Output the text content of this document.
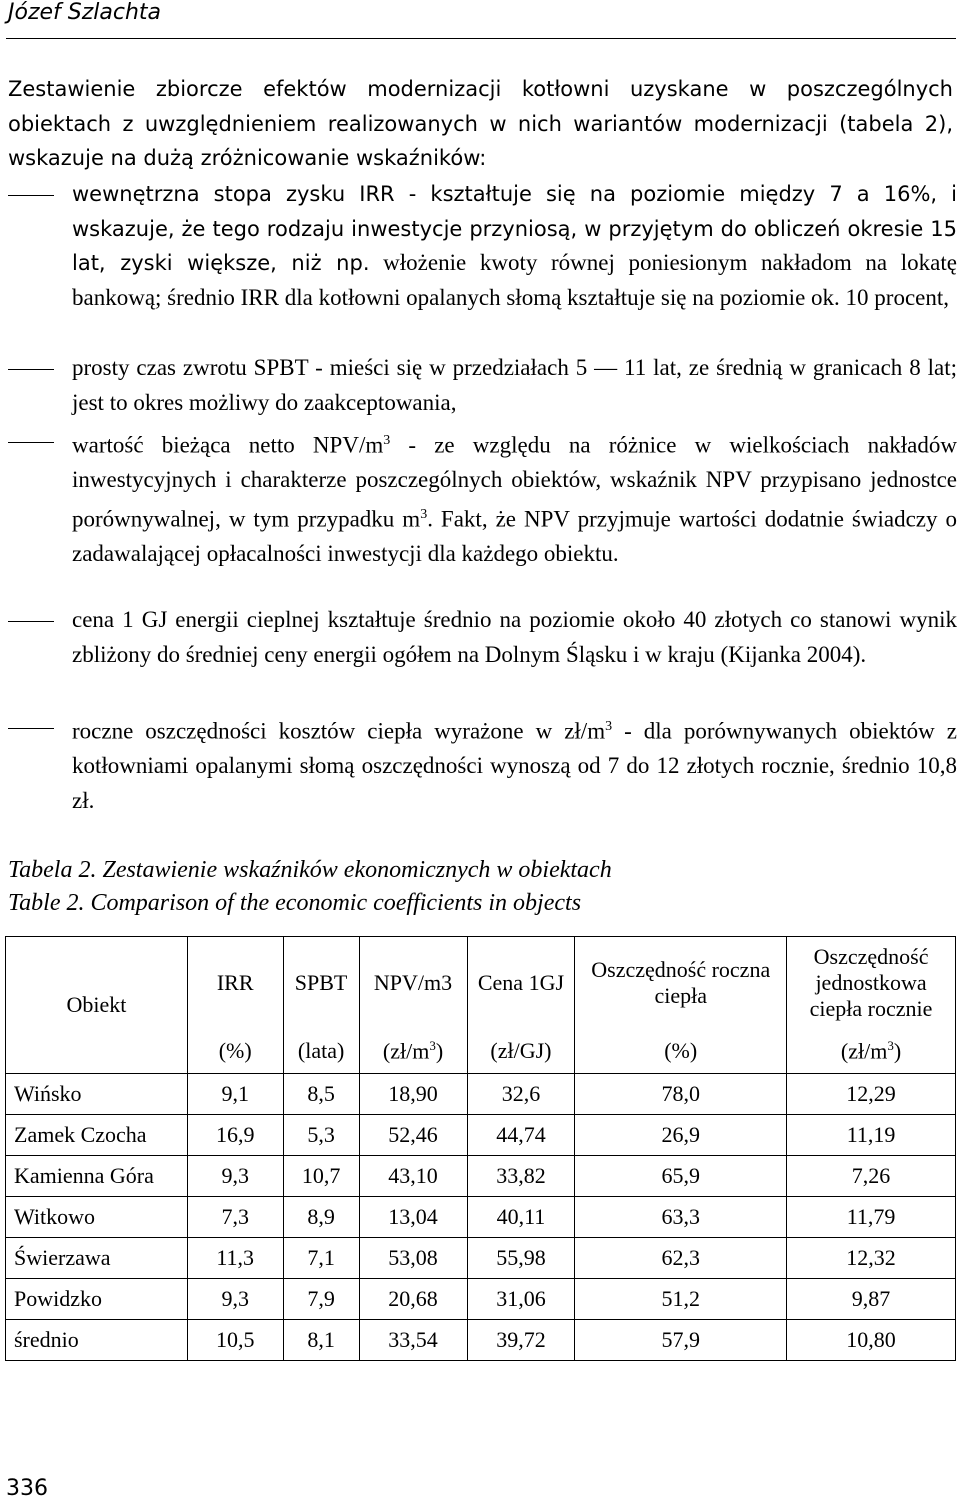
Józef Szlachta

Zestawienie zbiorcze efektów modernizacji kotłowni uzyskane w poszczególnych obiektach z uwzględnieniem realizowanych w nich wariantów modernizacji (tabela 2), wskazuje na dużą zróżnicowanie wskaźników:

wewnętrzna stopa zysku IRR - kształtuje się na poziomie między 7 a 16%, i wskazuje, że tego rodzaju inwestycje przyniosą, w przyjętym do obliczeń okresie 15 lat, zyski większe, niż np. włożenie kwoty równej poniesionym nakładom na lokatę bankową; średnio IRR dla kotłowni opalanych słomą kształtuje się na poziomie ok. 10 procent,

prosty czas zwrotu SPBT - mieści się w przedziałach 5 — 11 lat, ze średnią w granicach 8 lat; jest to okres możliwy do zaakceptowania,

wartość bieżąca netto NPV/$m^3$ - ze względu na różnice w wielkościach nakładów inwestycyjnych i charakterze poszczególnych obiektów, wskaźnik NPV przypisano jednostce porównywalnej, w tym przypadku $m^3$. Fakt, że NPV przyjmuje wartości dodatnie świadczy o zadawalającej opłacalności inwestycji dla każdego obiektu.

cena 1 GJ energii cieplnej kształtuje średnio na poziomie około 40 złotych co stanowi wynik zbliżony do średniej ceny energii ogółem na Dolnym Śląsku i w kraju (Kijanka 2004).

roczne oszczędności kosztów ciepła wyrażone w $zł/m^3$ - dla porównywanych obiektów z kotłowniami opalanymi słomą oszczędności wynoszą od 7 do 12 złotych rocznie, średnio 10,8 zł.

Tabela 2. Zestawienie wskaźników ekonomicznych w obiektach
Table 2. Comparison of the economic coefficients in objects
Obiekt	IRR	SPBT	NPV/m3	Cena 1GJ	Oszczędność roczna ciepła	Oszczędność jednostkowa ciepła rocznie
	(%)	(lata)	$(zł/m^3)$	(zł/GJ)	(%)	$(zł/m^3)$
Wińsko	9,1	8,5	18,90	32,6	78,0	12,29
Zamek Czocha	16,9	5,3	52,46	44,74	26,9	11,19
Kamienna Góra	9,3	10,7	43,10	33,82	65,9	7,26
Witkowo	7,3	8,9	13,04	40,11	63,3	11,79
Świerzawa	11,3	7,1	53,08	55,98	62,3	12,32
Powidzko	9,3	7,9	20,68	31,06	51,2	9,87
średnio	10,5	8,1	33,54	39,72	57,9	10,80
336
